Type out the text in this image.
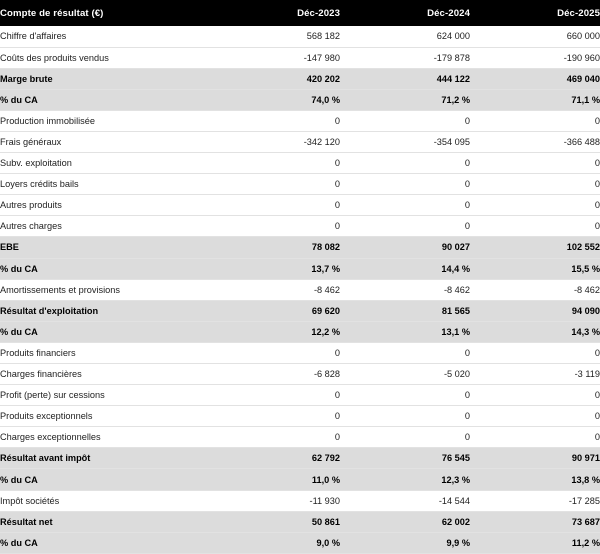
Compte de résultat (€)	Déc-2023	Déc-2024	Déc-2025
Chiffre d'affaires	568 182	624 000	660 000
Coûts des produits vendus	-147 980	-179 878	-190 960
Marge brute	420 202	444 122	469 040
% du CA	74,0 %	71,2 %	71,1 %
Production immobilisée	0	0	0
Frais généraux	-342 120	-354 095	-366 488
Subv. exploitation	0	0	0
Loyers crédits bails	0	0	0
Autres produits	0	0	0
Autres charges	0	0	0
EBE	78 082	90 027	102 552
% du CA	13,7 %	14,4 %	15,5 %
Amortissements et provisions	-8 462	-8 462	-8 462
Résultat d'exploitation	69 620	81 565	94 090
% du CA	12,2 %	13,1 %	14,3 %
Produits financiers	0	0	0
Charges financières	-6 828	-5 020	-3 119
Profit (perte) sur cessions	0	0	0
Produits exceptionnels	0	0	0
Charges exceptionnelles	0	0	0
Résultat avant impôt	62 792	76 545	90 971
% du CA	11,0 %	12,3 %	13,8 %
Impôt sociétés	-11 930	-14 544	-17 285
Résultat net	50 861	62 002	73 687
% du CA	9,0 %	9,9 %	11,2 %
